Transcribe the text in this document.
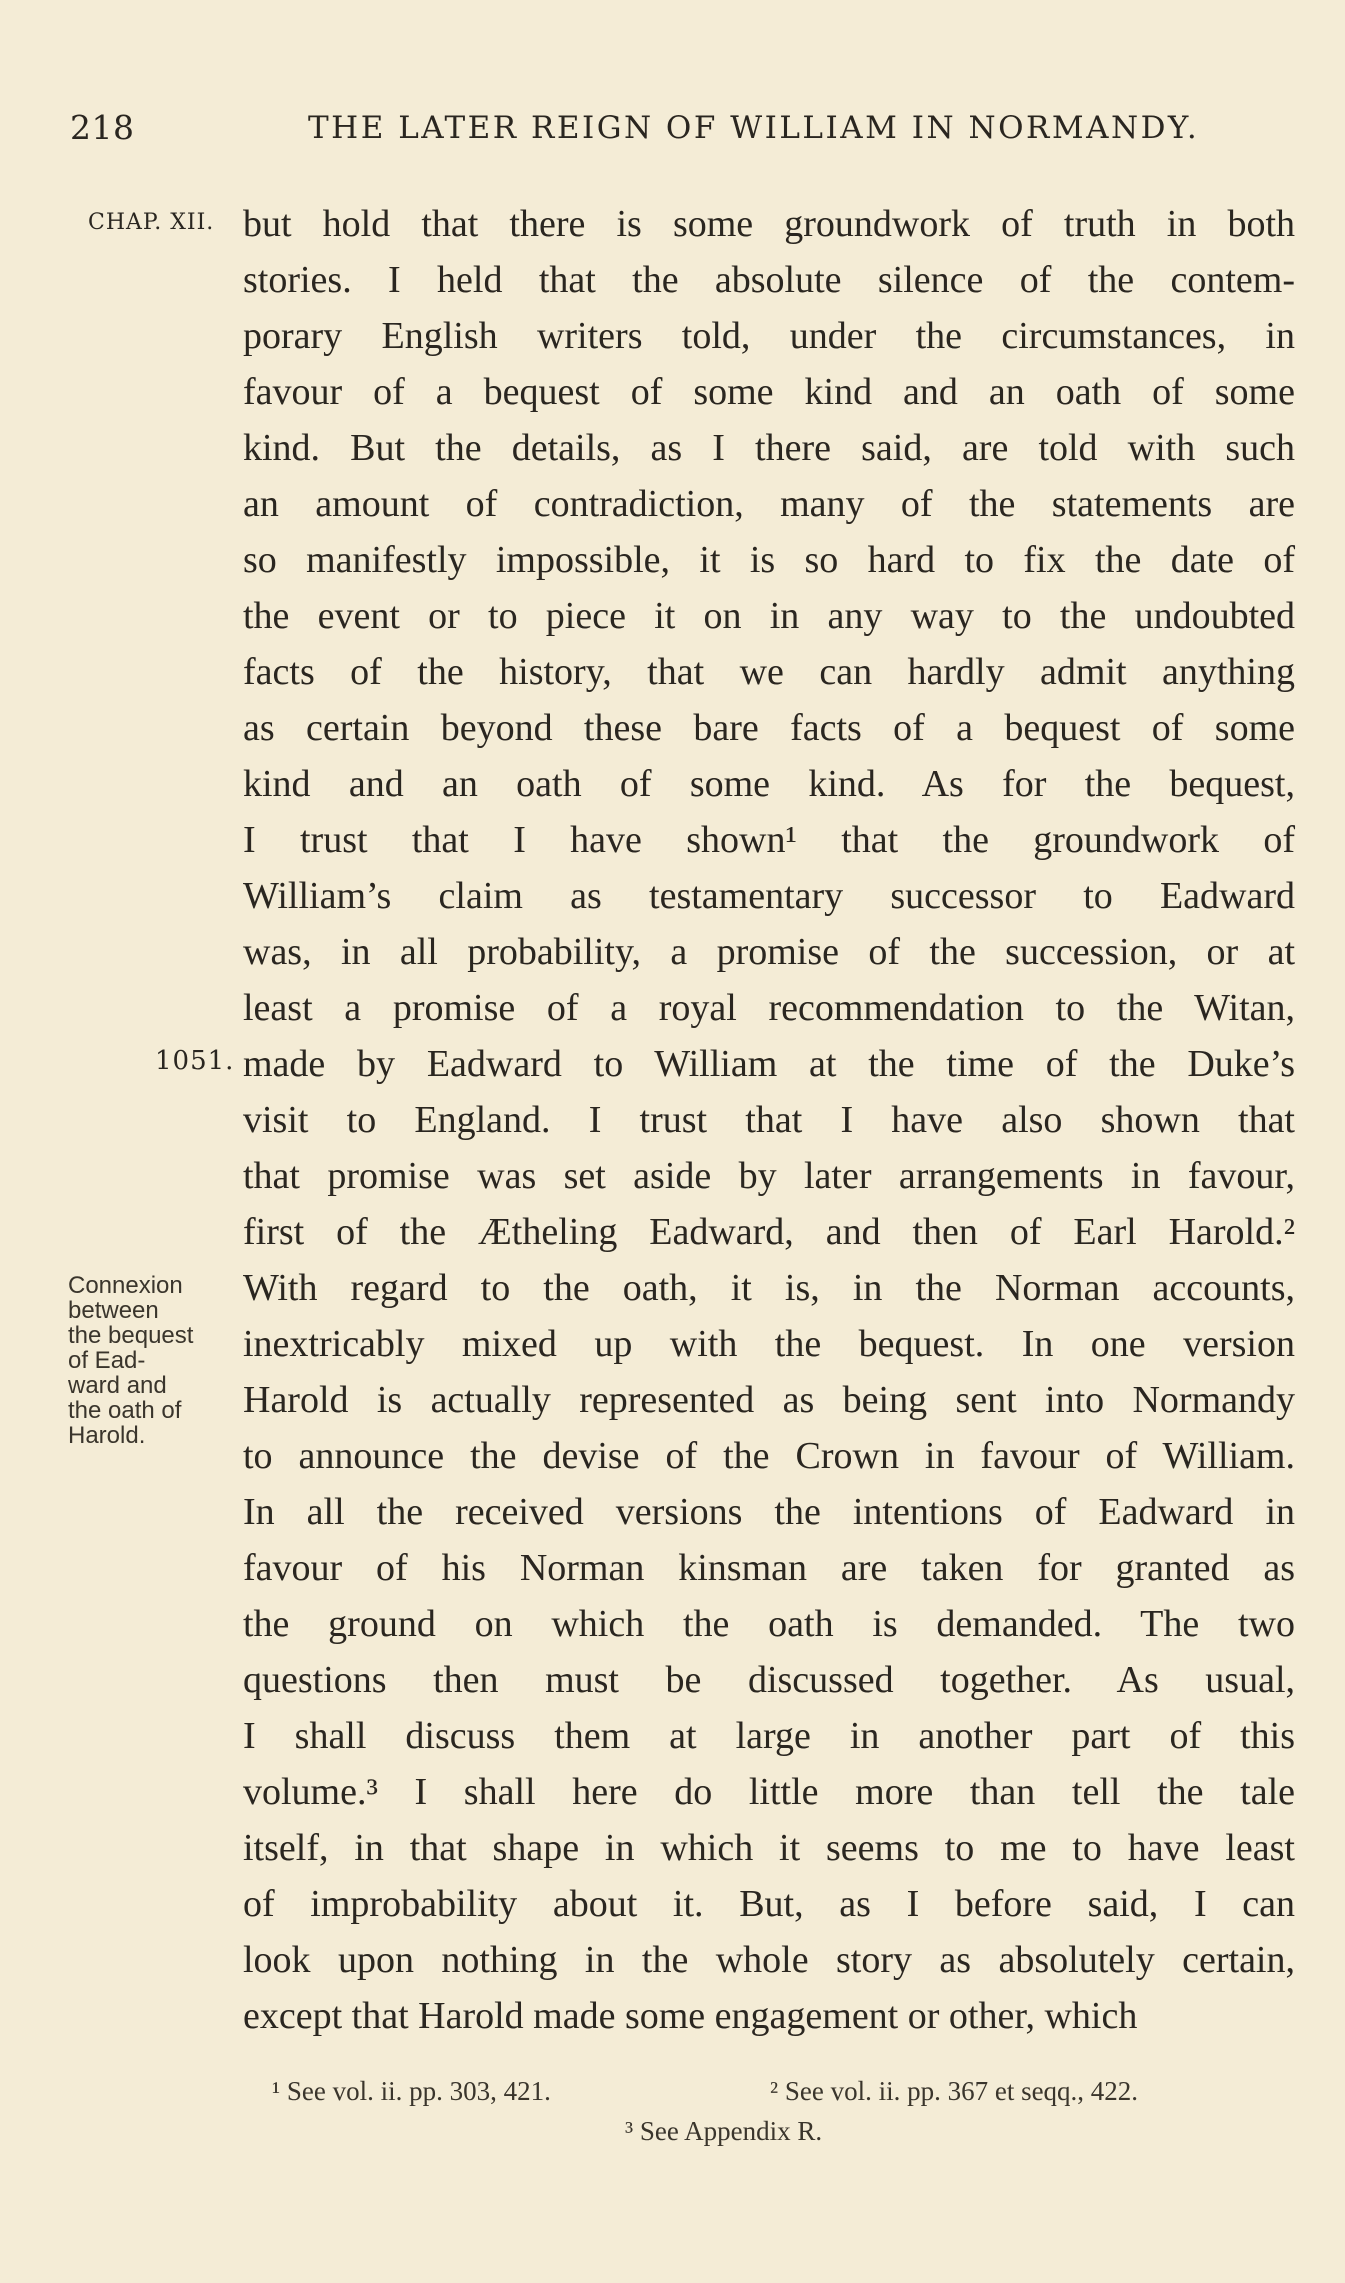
218	THE LATER REIGN OF WILLIAM IN NORMANDY.
CHAP. XII.
1051.
Connexion
between
the bequest
of Ead-
ward and
the oath of
Harold.
but hold that there is some groundwork of truth in both
stories. I held that the absolute silence of the contem-
porary English writers told, under the circumstances, in
favour of a bequest of some kind and an oath of some
kind. But the details, as I there said, are told with such
an amount of contradiction, many of the statements are
so manifestly impossible, it is so hard to fix the date of
the event or to piece it on in any way to the undoubted
facts of the history, that we can hardly admit anything
as certain beyond these bare facts of a bequest of some
kind and an oath of some kind. As for the bequest,
I trust that I have shown¹ that the groundwork of
William’s claim as testamentary successor to Eadward
was, in all probability, a promise of the succession, or at
least a promise of a royal recommendation to the Witan,
made by Eadward to William at the time of the Duke’s
visit to England. I trust that I have also shown that
that promise was set aside by later arrangements in favour,
first of the Ætheling Eadward, and then of Earl Harold.²
With regard to the oath, it is, in the Norman accounts,
inextricably mixed up with the bequest. In one version
Harold is actually represented as being sent into Normandy
to announce the devise of the Crown in favour of William.
In all the received versions the intentions of Eadward in
favour of his Norman kinsman are taken for granted as
the ground on which the oath is demanded. The two
questions then must be discussed together. As usual,
I shall discuss them at large in another part of this
volume.³ I shall here do little more than tell the tale
itself, in that shape in which it seems to me to have least
of improbability about it. But, as I before said, I can
look upon nothing in the whole story as absolutely certain,
except that Harold made some engagement or other, which
¹ See vol. ii. pp. 303, 421.	² See vol. ii. pp. 367 et seqq., 422.
³ See Appendix R.
